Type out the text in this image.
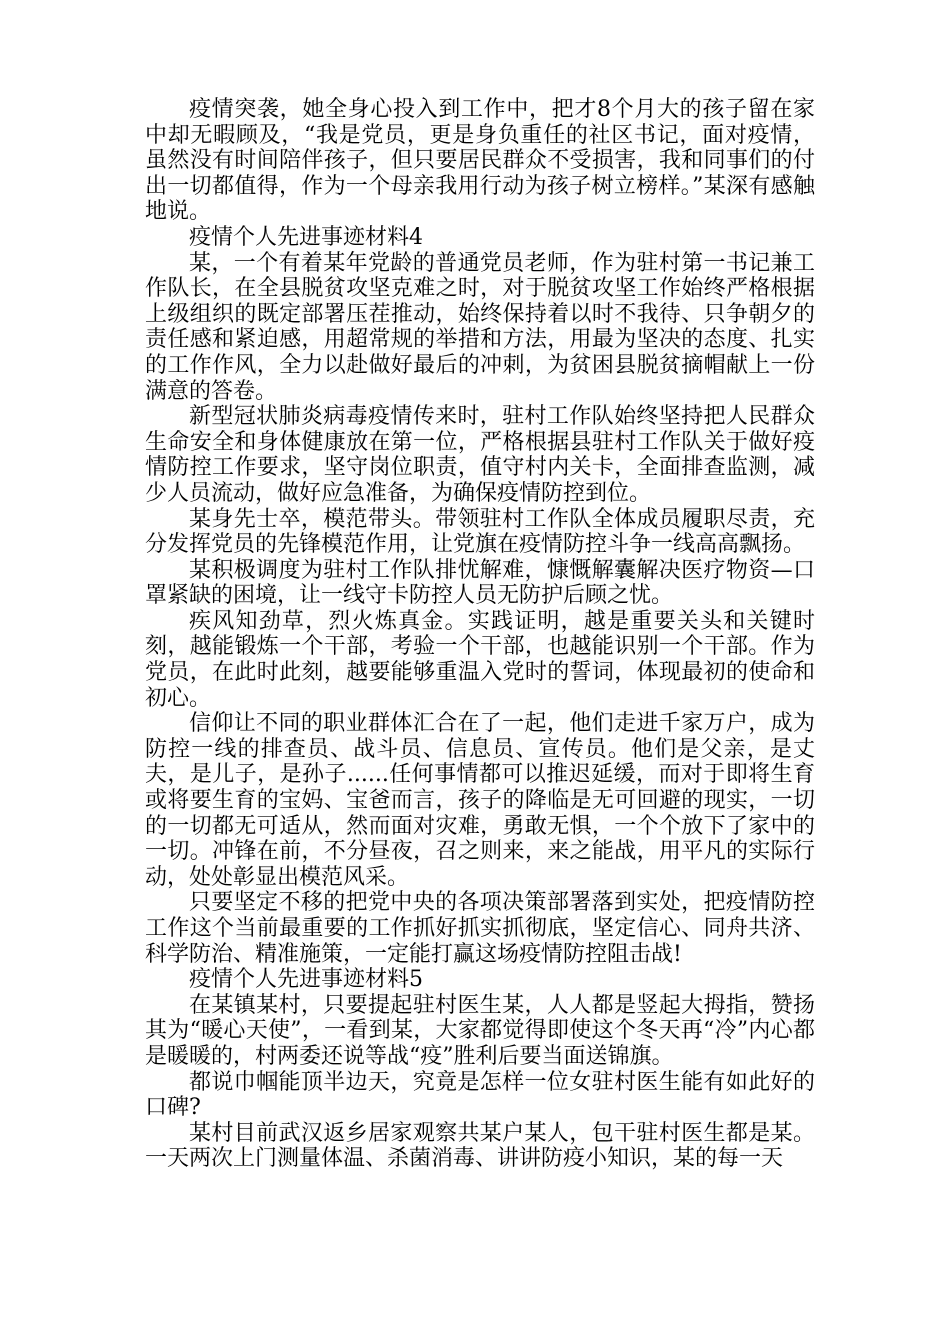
疫情突袭，她全身心投入到工作中，把才8个月大的孩子留在家中却无暇顾及，“我是党员，更是身负重任的社区书记，面对疫情，虽然没有时间陪伴孩子，但只要居民群众不受损害，我和同事们的付出一切都值得，作为一个母亲我用行动为孩子树立榜样。”某深有感触地说。

疫情个人先进事迹材料4

某，一个有着某年党龄的普通党员老师，作为驻村第一书记兼工作队长，在全县脱贫攻坚克难之时，对于脱贫攻坚工作始终严格根据上级组织的既定部署压茬推动，始终保持着以时不我待、只争朝夕的责任感和紧迫感，用超常规的举措和方法，用最为坚决的态度、扎实的工作作风，全力以赴做好最后的冲刺，为贫困县脱贫摘帽献上一份满意的答卷。

新型冠状肺炎病毒疫情传来时，驻村工作队始终坚持把人民群众生命安全和身体健康放在第一位，严格根据县驻村工作队关于做好疫情防控工作要求，坚守岗位职责，值守村内关卡，全面排查监测，减少人员流动，做好应急准备，为确保疫情防控到位。

某身先士卒，模范带头。带领驻村工作队全体成员履职尽责，充分发挥党员的先锋模范作用，让党旗在疫情防控斗争一线高高飘扬。

某积极调度为驻村工作队排忧解难，慷慨解囊解决医疗物资—口罩紧缺的困境，让一线守卡防控人员无防护后顾之忧。

疾风知劲草，烈火炼真金。实践证明，越是重要关头和关键时刻，越能锻炼一个干部，考验一个干部，也越能识别一个干部。作为党员，在此时此刻，越要能够重温入党时的誓词，体现最初的使命和初心。

信仰让不同的职业群体汇合在了一起，他们走进千家万户，成为防控一线的排查员、战斗员、信息员、宣传员。他们是父亲，是丈夫，是儿子，是孙子......任何事情都可以推迟延缓，而对于即将生育或将要生育的宝妈、宝爸而言，孩子的降临是无可回避的现实，一切的一切都无可适从，然而面对灾难，勇敢无惧，一个个放下了家中的一切。冲锋在前，不分昼夜，召之则来，来之能战，用平凡的实际行动，处处彰显出模范风采。

只要坚定不移的把党中央的各项决策部署落到实处，把疫情防控工作这个当前最重要的工作抓好抓实抓彻底，坚定信心、同舟共济、科学防治、精准施策，一定能打赢这场疫情防控阻击战!

疫情个人先进事迹材料5

在某镇某村，只要提起驻村医生某，人人都是竖起大拇指，赞扬其为“暖心天使”，一看到某，大家都觉得即使这个冬天再“冷”内心都是暖暖的，村两委还说等战“疫”胜利后要当面送锦旗。

都说巾帼能顶半边天，究竟是怎样一位女驻村医生能有如此好的口碑?

某村目前武汉返乡居家观察共某户某人，包干驻村医生都是某。一天两次上门测量体温、杀菌消毒、讲讲防疫小知识，某的每一天
